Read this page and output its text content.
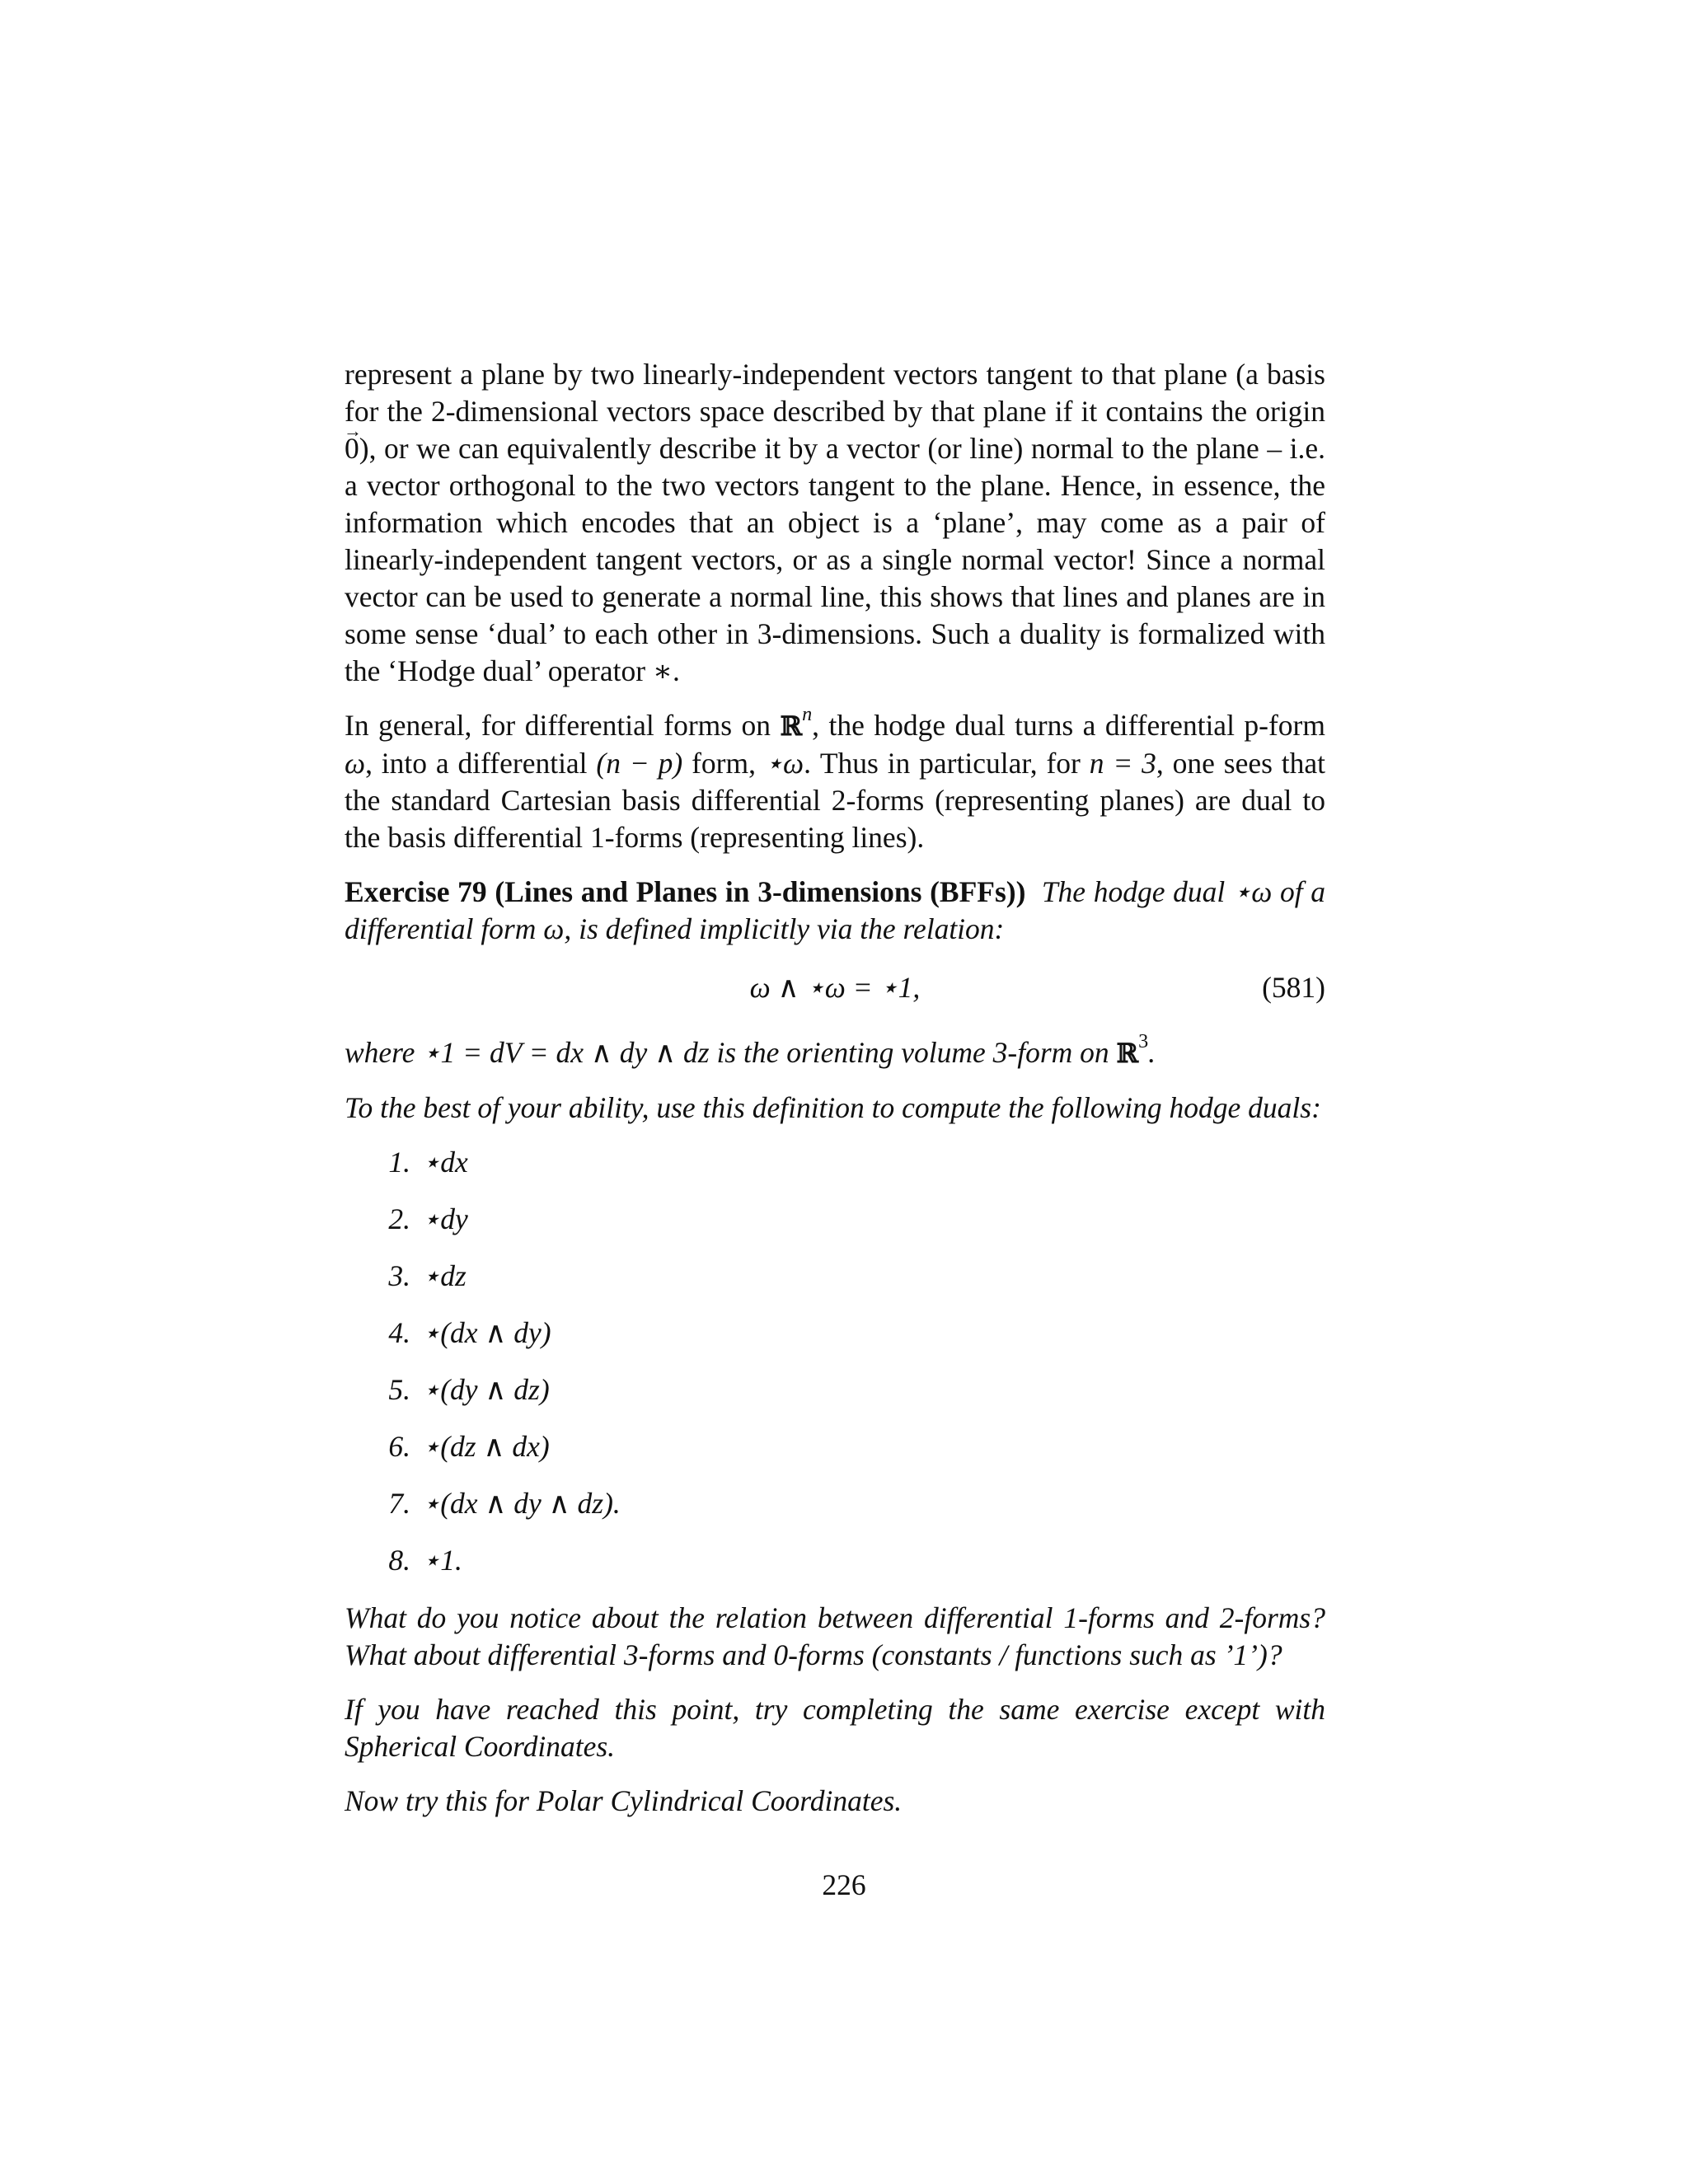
represent a plane by two linearly-independent vectors tangent to that plane (a basis for the 2-dimensional vectors space described by that plane if it contains the origin → 0), or we can equivalently describe it by a vector (or line) normal to the plane – i.e. a vector orthogonal to the two vectors tangent to the plane. Hence, in essence, the information which encodes that an object is a ‘plane’, may come as a pair of linearly-independent tangent vectors, or as a single normal vector! Since a normal vector can be used to generate a normal line, this shows that lines and planes are in some sense ‘dual’ to each other in 3-dimensions. Such a duality is formalized with the ‘Hodge dual’ operator ∗.

In general, for differential forms on ℝ$^n$, the hodge dual turns a differential p-form ω, into a differential (n − p) form, ⋆ω. Thus in particular, for n = 3, one sees that the standard Cartesian basis differential 2-forms (representing planes) are dual to the basis differential 1-forms (representing lines).

Exercise 79 (Lines and Planes in 3-dimensions (BFFs)) The hodge dual ⋆ω of a differential form ω, is defined implicitly via the relation:

ω ∧ ⋆ω = ⋆1,	(581)

where ⋆1 = dV = dx ∧ dy ∧ dz is the orienting volume 3-form on ℝ$^3$.

To the best of your ability, use this definition to compute the following hodge duals:

1. ⋆dx
2. ⋆dy
3. ⋆dz
4. ⋆(dx ∧ dy)
5. ⋆(dy ∧ dz)
6. ⋆(dz ∧ dx)
7. ⋆(dx ∧ dy ∧ dz).
8. ⋆1.

What do you notice about the relation between differential 1-forms and 2-forms? What about differential 3-forms and 0-forms (constants / functions such as ’1’)?

If you have reached this point, try completing the same exercise except with Spherical Coordinates.

Now try this for Polar Cylindrical Coordinates.

226
